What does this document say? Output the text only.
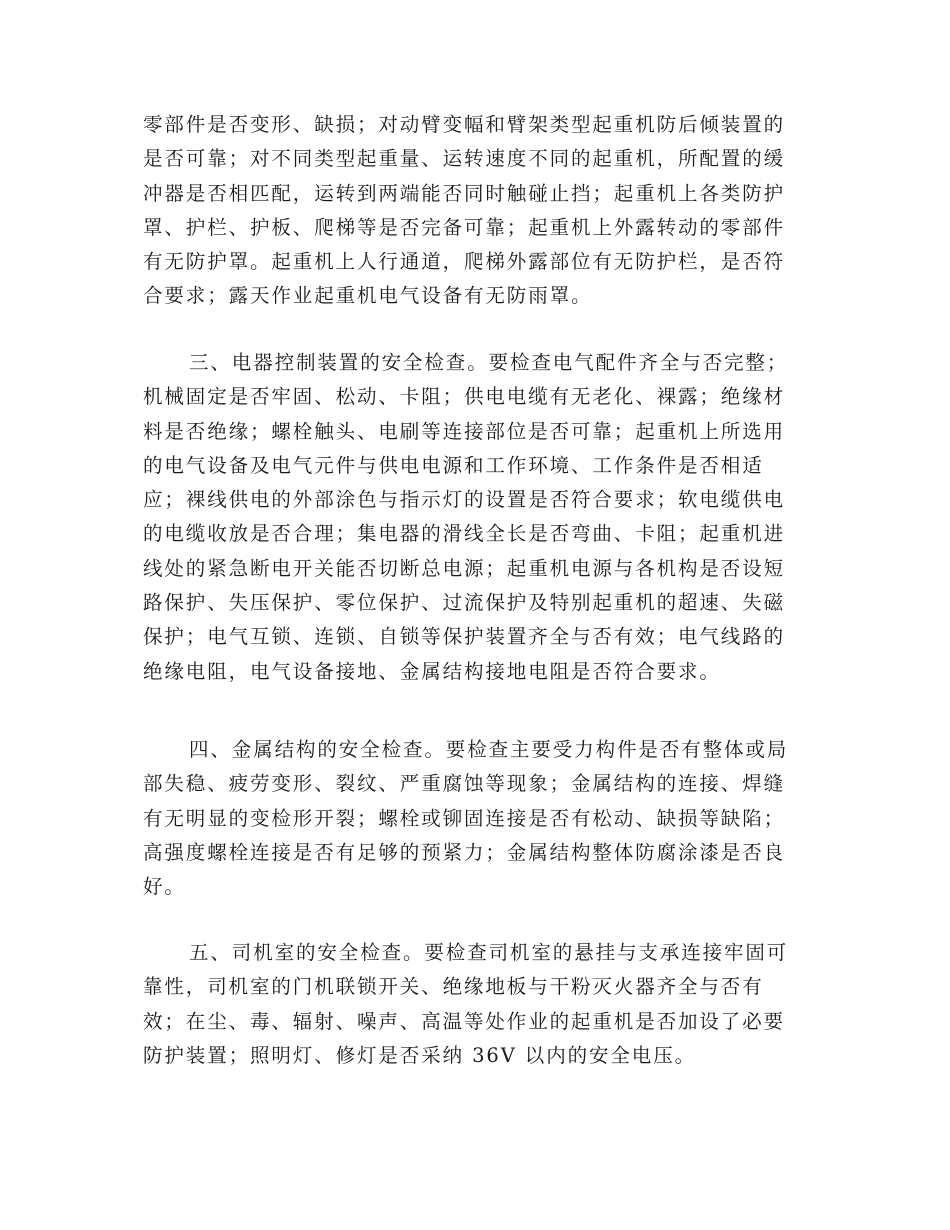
零部件是否变形、缺损；对动臂变幅和臂架类型起重机防后倾装置的
是否可靠；对不同类型起重量、运转速度不同的起重机，所配置的缓
冲器是否相匹配，运转到两端能否同时触碰止挡；起重机上各类防护
罩、护栏、护板、爬梯等是否完备可靠；起重机上外露转动的零部件
有无防护罩。起重机上人行通道，爬梯外露部位有无防护栏，是否符
合要求；露天作业起重机电气设备有无防雨罩。
三、电器控制装置的安全检查。要检查电气配件齐全与否完整；
机械固定是否牢固、松动、卡阻；供电电缆有无老化、裸露；绝缘材
料是否绝缘；螺栓触头、电刷等连接部位是否可靠；起重机上所选用
的电气设备及电气元件与供电电源和工作环境、工作条件是否相适
应；裸线供电的外部涂色与指示灯的设置是否符合要求；软电缆供电
的电缆收放是否合理；集电器的滑线全长是否弯曲、卡阻；起重机进
线处的紧急断电开关能否切断总电源；起重机电源与各机构是否设短
路保护、失压保护、零位保护、过流保护及特别起重机的超速、失磁
保护；电气互锁、连锁、自锁等保护装置齐全与否有效；电气线路的
绝缘电阻，电气设备接地、金属结构接地电阻是否符合要求。
四、金属结构的安全检查。要检查主要受力构件是否有整体或局
部失稳、疲劳变形、裂纹、严重腐蚀等现象；金属结构的连接、焊缝
有无明显的变检形开裂；螺栓或铆固连接是否有松动、缺损等缺陷；
高强度螺栓连接是否有足够的预紧力；金属结构整体防腐涂漆是否良
好。
五、司机室的安全检查。要检查司机室的悬挂与支承连接牢固可
靠性，司机室的门机联锁开关、绝缘地板与干粉灭火器齐全与否有
效；在尘、毒、辐射、噪声、高温等处作业的起重机是否加设了必要
防护装置；照明灯、修灯是否采纳 36V 以内的安全电压。
